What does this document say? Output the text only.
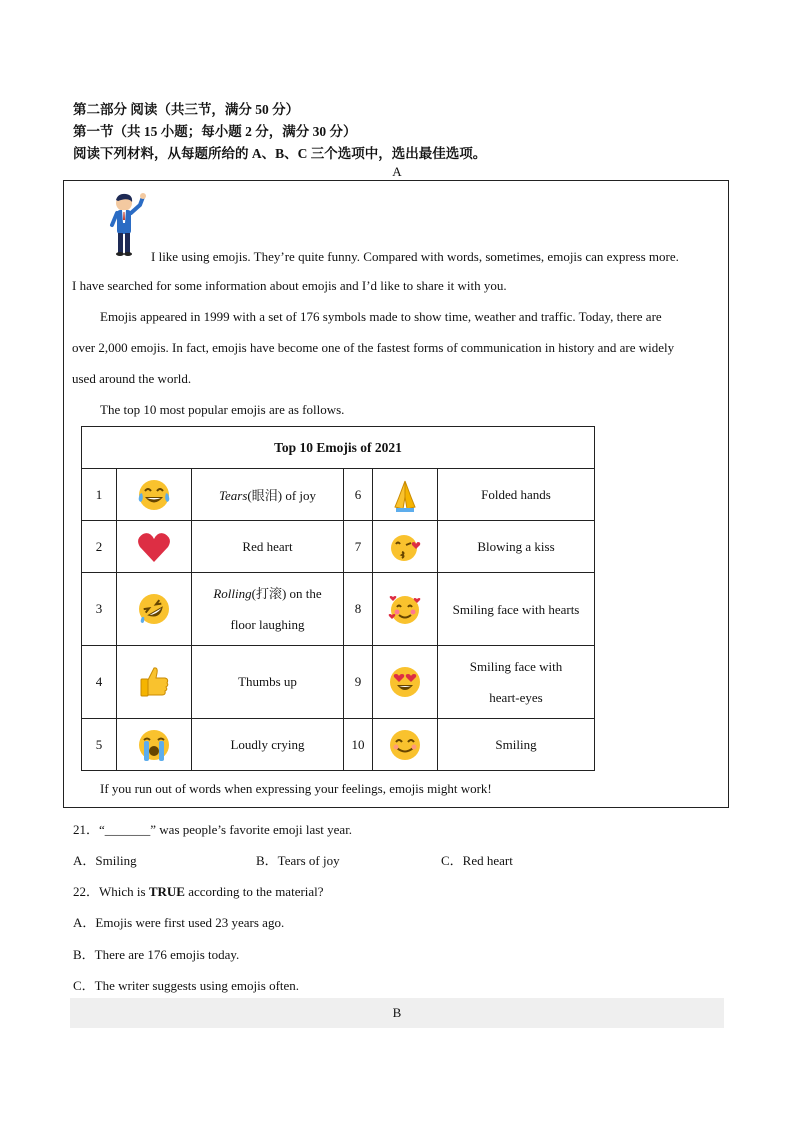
第二部分 阅读（共三节，满分 50 分）
第一节（共 15 小题；每小题 2 分，满分 30 分）
阅读下列材料，从每题所给的 A、B、C 三个选项中，选出最佳选项。
A
I like using emojis. They’re quite funny. Compared with words, sometimes, emojis can express more.
I have searched for some information about emojis and I’d like to share it with you.
Emojis appeared in 1999 with a set of 176 symbols made to show time, weather and traffic. Today, there are
over 2,000 emojis. In fact, emojis have become one of the fastest forms of communication in history and are widely
used around the world.
The top 10 most popular emojis are as follows.
Top 10 Emojis of 2021					
1		Tears(眼泪) of joy	6		Folded hands
2		Red heart	7		Blowing a kiss
3		Rolling(打滚) on the
floor laughing	8		Smiling face with hearts
4		Thumbs up	9		Smiling face with
heart-eyes

5		Loudly crying	10		Smiling
If you run out of words when expressing your feelings, emojis might work!
21．“_______” was people’s favorite emoji last year.
A．Smiling	B．Tears of joy	C．Red heart
22．Which is TRUE according to the material?
A．Emojis were first used 23 years ago.
B．There are 176 emojis today.
C．The writer suggests using emojis often.
B
